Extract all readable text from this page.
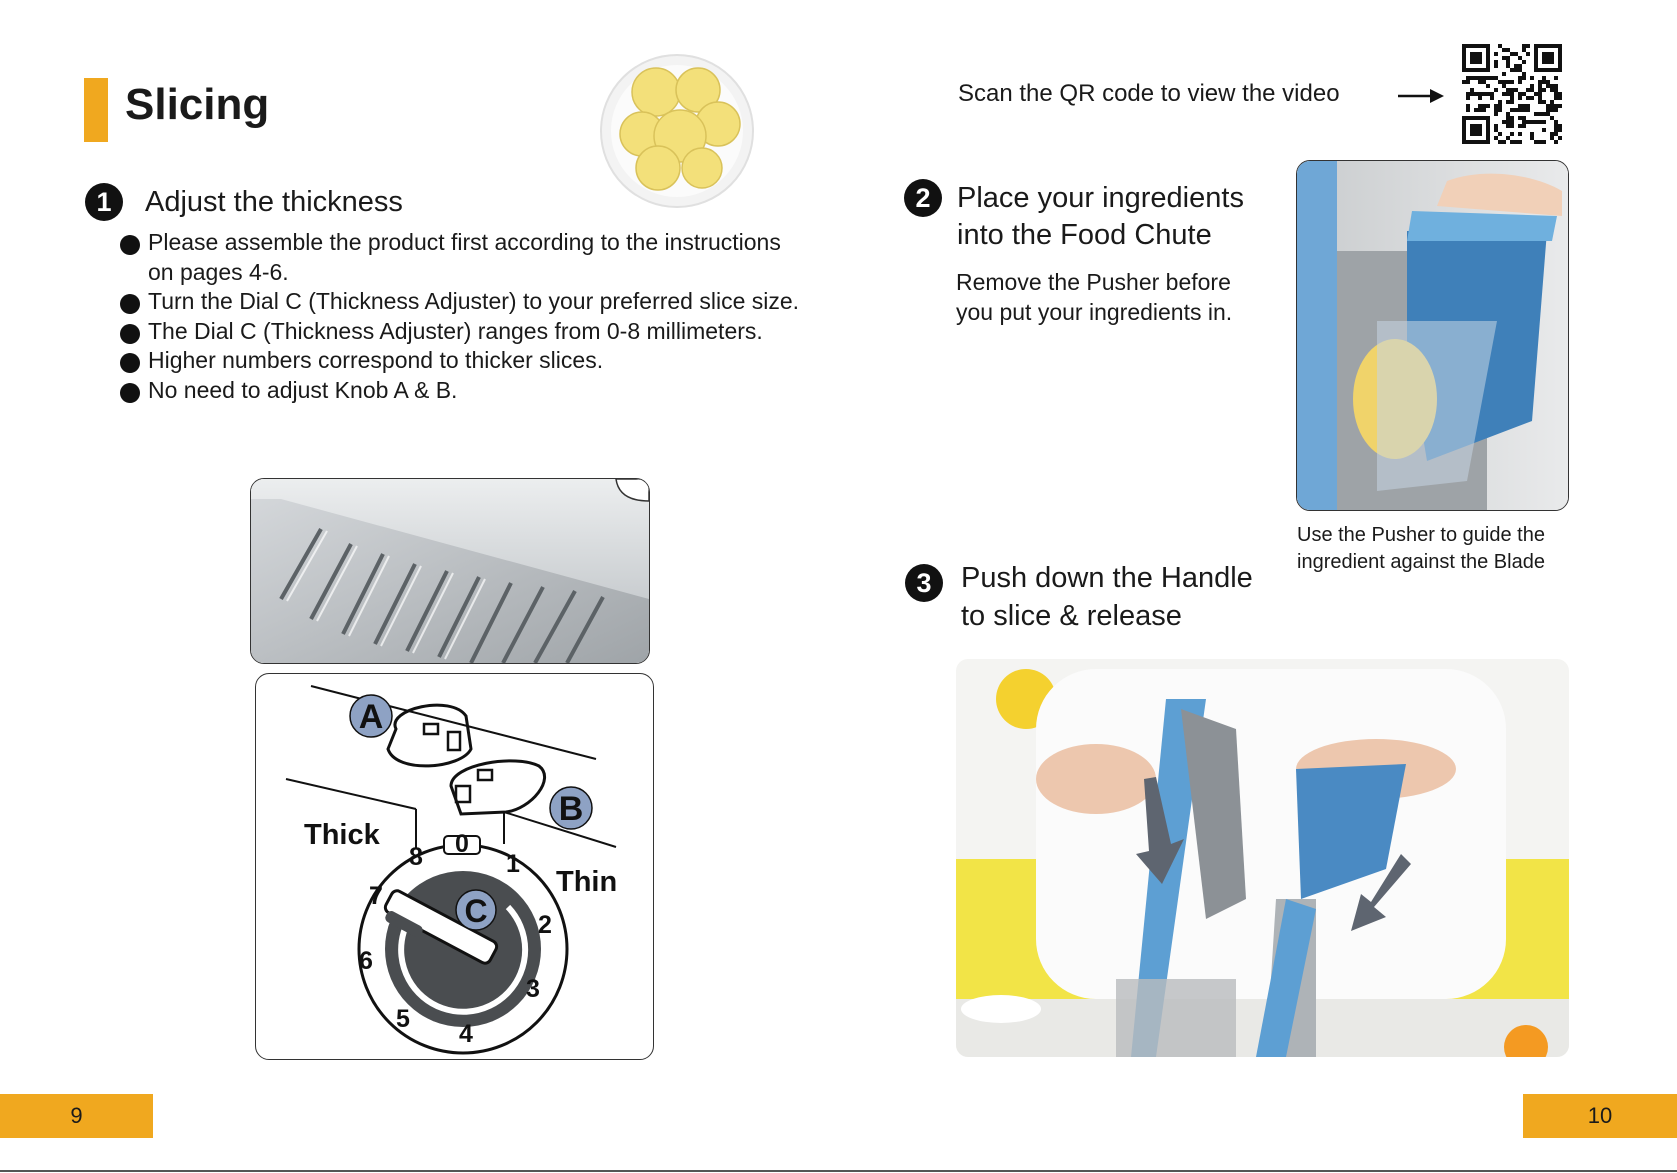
Slicing
1	Adjust the thickness
Please assemble the product first according to the instructions on pages 4-6.
Turn the Dial C (Thickness Adjuster) to your preferred slice size.
The Dial C (Thickness Adjuster) ranges from 0-8 millimeters.
Higher numbers correspond to thicker slices.
No need to adjust Knob A & B.
A
B
C
Thick
Thin
0
1
2
3
4
5
6
7
8
9
Scan the QR code to view the video
2 Place your ingredients
into the Food Chute
Remove the Pusher before
you put your ingredients in.
Use the Pusher to guide the
ingredient against the Blade
3	Push down the Handle
to slice & release
10
